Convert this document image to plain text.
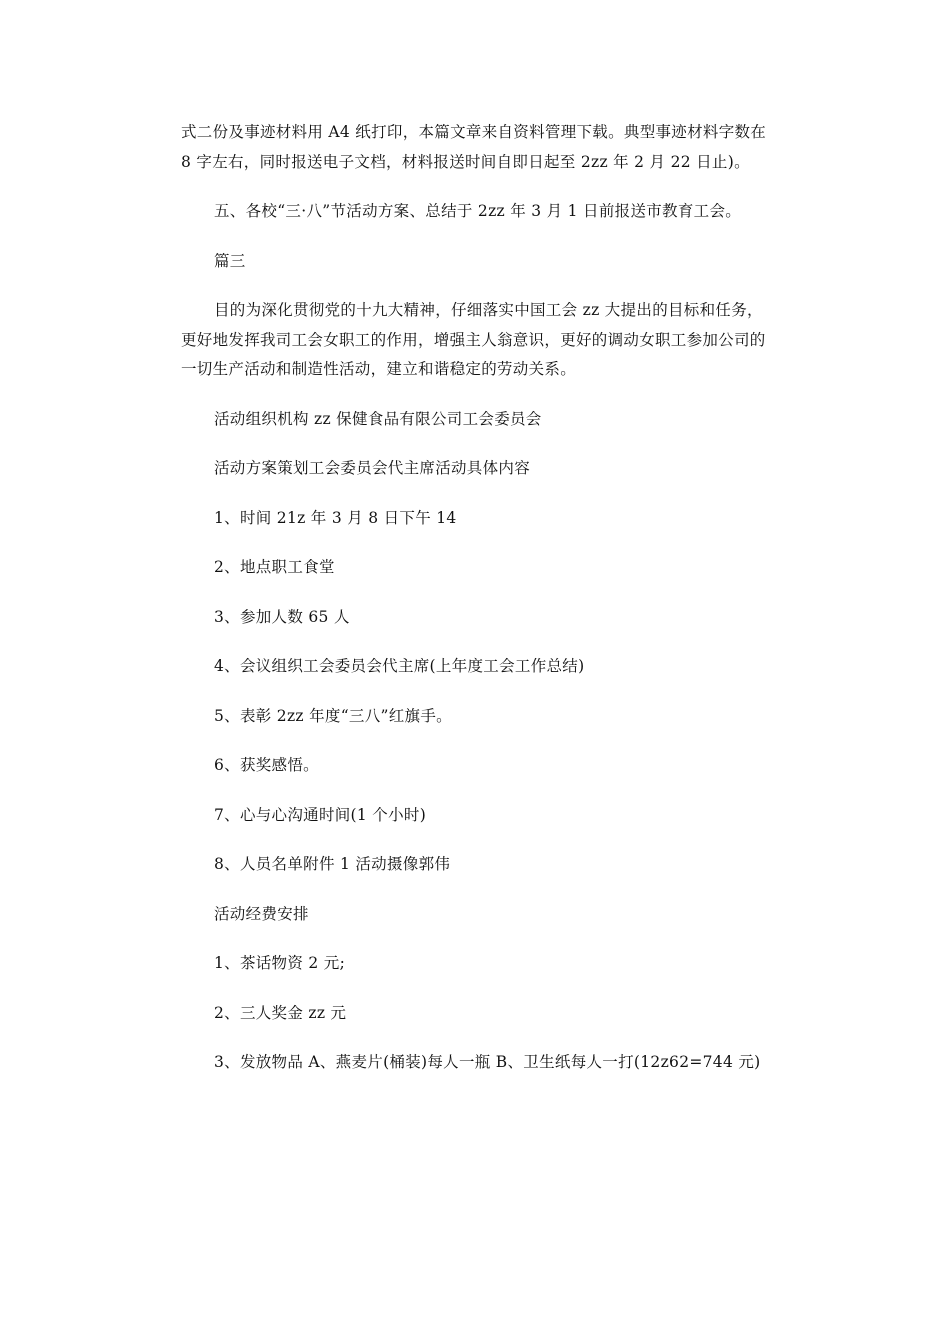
式二份及事迹材料用 A4 纸打印，本篇文章来自资料管理下载。典型事迹材料字数在 8 字左右，同时报送电子文档，材料报送时间自即日起至 2zz 年 2 月 22 日止)。

五、各校“三·八”节活动方案、总结于 2zz 年 3 月 1 日前报送市教育工会。

篇三

目的为深化贯彻党的十九大精神，仔细落实中国工会 zz 大提出的目标和任务，更好地发挥我司工会女职工的作用，增强主人翁意识，更好的调动女职工参加公司的一切生产活动和制造性活动，建立和谐稳定的劳动关系。

活动组织机构 zz 保健食品有限公司工会委员会

活动方案策划工会委员会代主席活动具体内容

1、时间 21z 年 3 月 8 日下午 14

2、地点职工食堂

3、参加人数 65 人

4、会议组织工会委员会代主席(上年度工会工作总结)

5、表彰 2zz 年度“三八”红旗手。

6、获奖感悟。

7、心与心沟通时间(1 个小时)

8、人员名单附件 1 活动摄像郭伟

活动经费安排

1、茶话物资 2 元;

2、三人奖金 zz 元

3、发放物品 A、燕麦片(桶装)每人一瓶 B、卫生纸每人一打(12z62=744 元)
